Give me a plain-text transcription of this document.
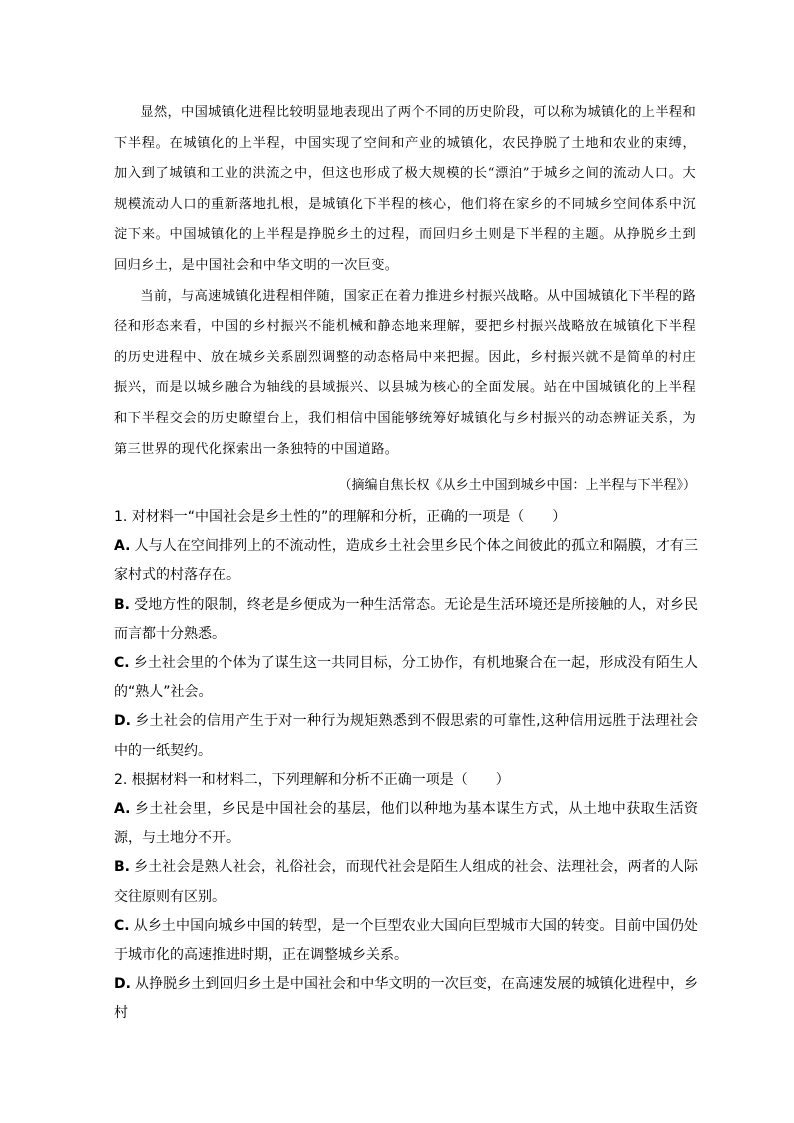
显然，中国城镇化进程比较明显地表现出了两个不同的历史阶段，可以称为城镇化的上半程和下半程。在城镇化的上半程，中国实现了空间和产业的城镇化，农民挣脱了土地和农业的束缚，加入到了城镇和工业的洪流之中，但这也形成了极大规模的长“漂泊”于城乡之间的流动人口。大规模流动人口的重新落地扎根，是城镇化下半程的核心，他们将在家乡的不同城乡空间体系中沉淀下来。中国城镇化的上半程是挣脱乡土的过程，而回归乡土则是下半程的主题。从挣脱乡土到回归乡土，是中国社会和中华文明的一次巨变。

当前，与高速城镇化进程相伴随，国家正在着力推进乡村振兴战略。从中国城镇化下半程的路径和形态来看，中国的乡村振兴不能机械和静态地来理解，要把乡村振兴战略放在城镇化下半程的历史进程中、放在城乡关系剧烈调整的动态格局中来把握。因此，乡村振兴就不是简单的村庄振兴，而是以城乡融合为轴线的县域振兴、以县城为核心的全面发展。站在中国城镇化的上半程和下半程交会的历史瞭望台上，我们相信中国能够统筹好城镇化与乡村振兴的动态辨证关系，为第三世界的现代化探索出一条独特的中国道路。

（摘编自焦长权《从乡土中国到城乡中国：上半程与下半程》）

1. 对材料一“中国社会是乡土性的”的理解和分析，正确的一项是（　　）

A. 人与人在空间排列上的不流动性，造成乡土社会里乡民个体之间彼此的孤立和隔膜，才有三家村式的村落存在。

B. 受地方性的限制，终老是乡便成为一种生活常态。无论是生活环境还是所接触的人，对乡民而言都十分熟悉。

C. 乡土社会里的个体为了谋生这一共同目标，分工协作，有机地聚合在一起，形成没有陌生人的“熟人”社会。

D. 乡土社会的信用产生于对一种行为规矩熟悉到不假思索的可靠性,这种信用远胜于法理社会中的一纸契约。

2. 根据材料一和材料二，下列理解和分析不正确一项是（　　）

A. 乡土社会里，乡民是中国社会的基层，他们以种地为基本谋生方式，从土地中获取生活资源，与土地分不开。

B. 乡土社会是熟人社会，礼俗社会，而现代社会是陌生人组成的社会、法理社会，两者的人际交往原则有区别。

C. 从乡土中国向城乡中国的转型，是一个巨型农业大国向巨型城市大国的转变。目前中国仍处于城市化的高速推进时期，正在调整城乡关系。

D. 从挣脱乡土到回归乡土是中国社会和中华文明的一次巨变，在高速发展的城镇化进程中，乡村
